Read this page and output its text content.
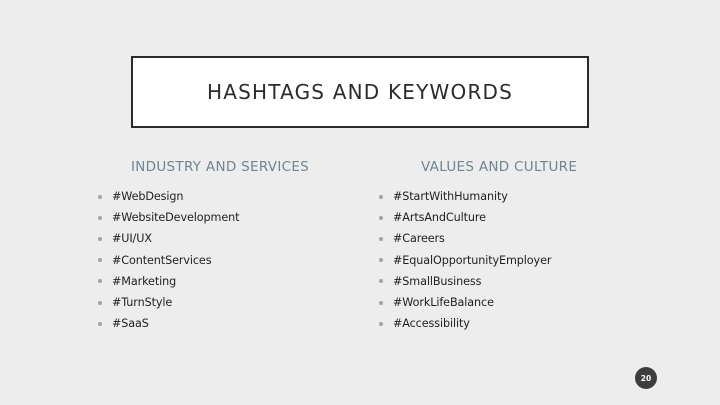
HASHTAGS AND KEYWORDS
INDUSTRY AND SERVICES
#WebDesign
#WebsiteDevelopment
#UI/UX
#ContentServices
#Marketing
#TurnStyle
#SaaS
VALUES AND CULTURE
#StartWithHumanity
#ArtsAndCulture
#Careers
#EqualOpportunityEmployer
#SmallBusiness
#WorkLifeBalance
#Accessibility
20
